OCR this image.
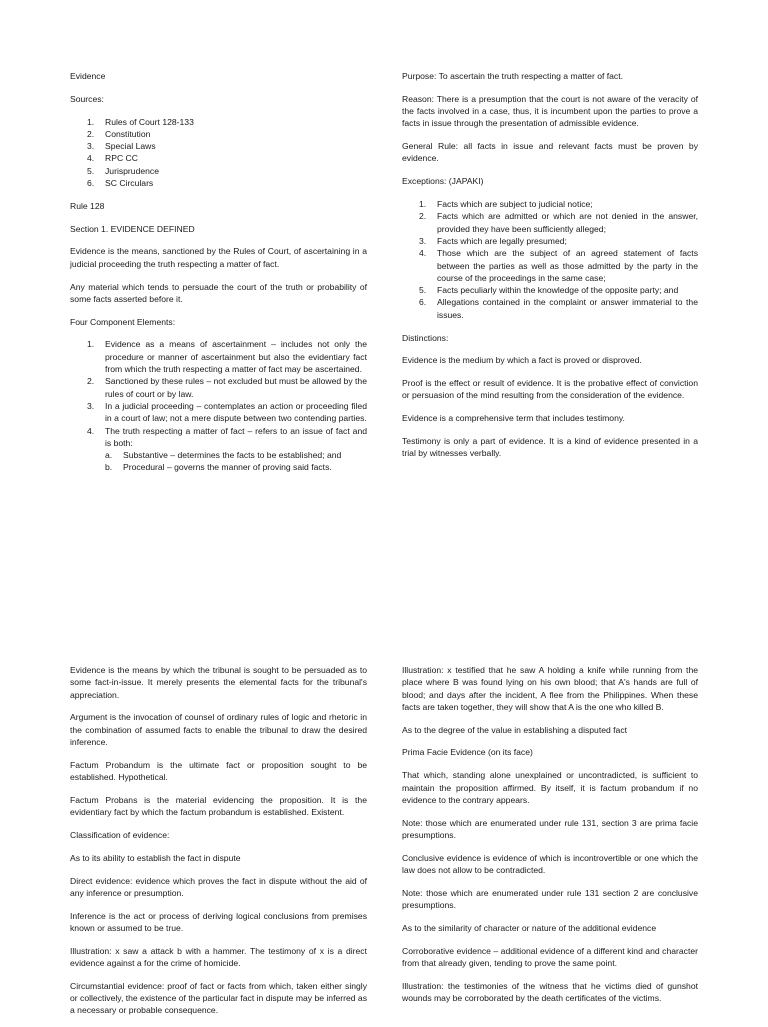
Evidence

Sources:

1. Rules of Court 128-133
2. Constitution
3. Special Laws
4. RPC CC
5. Jurisprudence
6. SC Circulars

Rule 128

Section 1. EVIDENCE DEFINED

Evidence is the means, sanctioned by the Rules of Court, of ascertaining in a judicial proceeding the truth respecting a matter of fact.

Any material which tends to persuade the court of the truth or probability of some facts asserted before it.

Four Component Elements:

1. Evidence as a means of ascertainment – includes not only the procedure or manner of ascertainment but also the evidentiary fact from which the truth respecting a matter of fact may be ascertained.
2. Sanctioned by these rules – not excluded but must be allowed by the rules of court or by law.
3. In a judicial proceeding – contemplates an action or proceeding filed in a court of law; not a mere dispute between two contending parties.
4. The truth respecting a matter of fact – refers to an issue of fact and is both:
a. Substantive – determines the facts to be established; and
b. Procedural – governs the manner of proving said facts.

Purpose: To ascertain the truth respecting a matter of fact.

Reason: There is a presumption that the court is not aware of the veracity of the facts involved in a case, thus, it is incumbent upon the parties to prove a facts in issue through the presentation of admissible evidence.

General Rule: all facts in issue and relevant facts must be proven by evidence.

Exceptions: (JAPAKI)

1. Facts which are subject to judicial notice;
2. Facts which are admitted or which are not denied in the answer, provided they have been sufficiently alleged;
3. Facts which are legally presumed;
4. Those which are the subject of an agreed statement of facts between the parties as well as those admitted by the party in the course of the proceedings in the same case;
5. Facts peculiarly within the knowledge of the opposite party; and
6. Allegations contained in the complaint or answer immaterial to the issues.

Distinctions:

Evidence is the medium by which a fact is proved or disproved.

Proof is the effect or result of evidence. It is the probative effect of conviction or persuasion of the mind resulting from the consideration of the evidence.

Evidence is a comprehensive term that includes testimony.

Testimony is only a part of evidence. It is a kind of evidence presented in a trial by witnesses verbally.

Evidence is the means by which the tribunal is sought to be persuaded as to some fact-in-issue. It merely presents the elemental facts for the tribunal's appreciation.

Argument is the invocation of counsel of ordinary rules of logic and rhetoric in the combination of assumed facts to enable the tribunal to draw the desired inference.

Factum Probandum is the ultimate fact or proposition sought to be established. Hypothetical.

Factum Probans is the material evidencing the proposition. It is the evidentiary fact by which the factum probandum is established. Existent.

Classification of evidence:

As to its ability to establish the fact in dispute

Direct evidence: evidence which proves the fact in dispute without the aid of any inference or presumption.

Inference is the act or process of deriving logical conclusions from premises known or assumed to be true.

Illustration: x saw a attack b with a hammer. The testimony of x is a direct evidence against a for the crime of homicide.

Circumstantial evidence: proof of fact or facts from which, taken either singly or collectively, the existence of the particular fact in dispute may be inferred as a necessary or probable consequence.

Illustration: x testified that he saw A holding a knife while running from the place where B was found lying on his own blood; that A's hands are full of blood; and days after the incident, A flee from the Philippines. When these facts are taken together, they will show that A is the one who killed B.

As to the degree of the value in establishing a disputed fact

Prima Facie Evidence (on its face)

That which, standing alone unexplained or uncontradicted, is sufficient to maintain the proposition affirmed. By itself, it is factum probandum if no evidence to the contrary appears.

Note: those which are enumerated under rule 131, section 3 are prima facie presumptions.

Conclusive evidence is evidence of which is incontrovertible or one which the law does not allow to be contradicted.

Note: those which are enumerated under rule 131 section 2 are conclusive presumptions.

As to the similarity of character or nature of the additional evidence

Corroborative evidence – additional evidence of a different kind and character from that already given, tending to prove the same point.

Illustration: the testimonies of the witness that he victims died of gunshot wounds may be corroborated by the death certificates of the victims.
